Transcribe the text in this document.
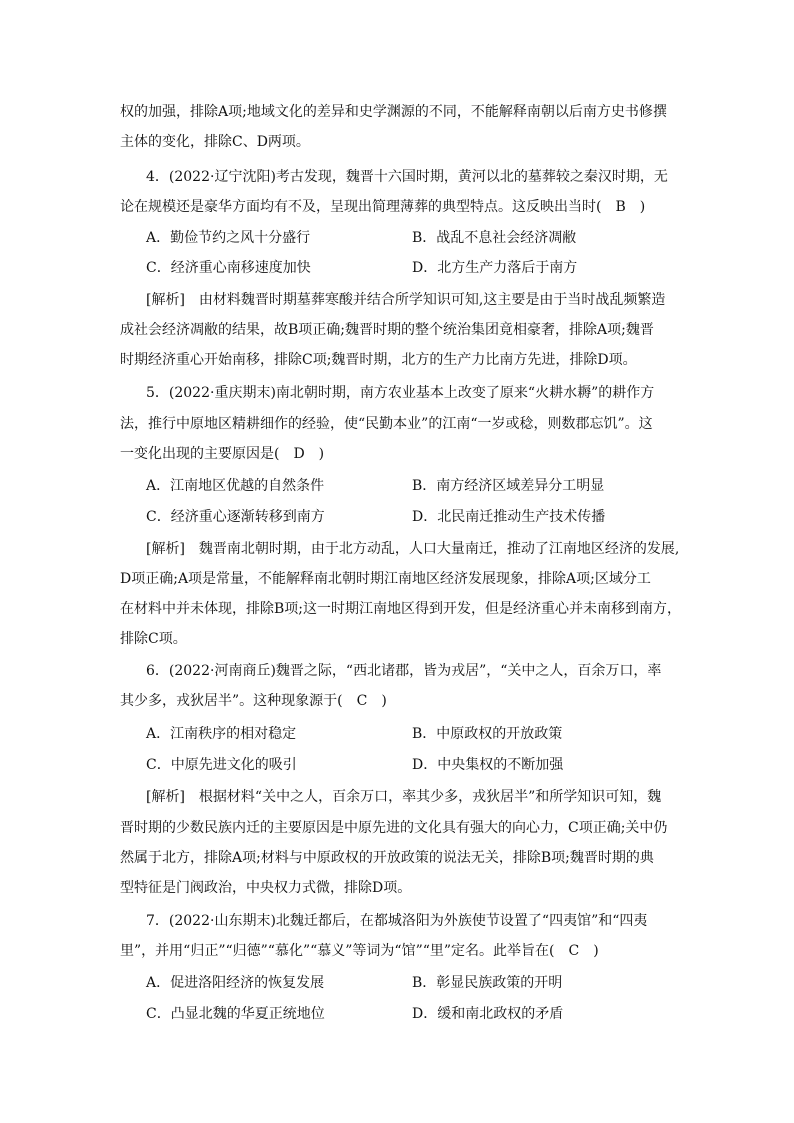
权的加强，排除A项;地域文化的差异和史学渊源的不同，不能解释南朝以后南方史书修撰
主体的变化，排除C、D两项。
4．(2022·辽宁沈阳)考古发现，魏晋十六国时期，黄河以北的墓葬较之秦汉时期，无
论在规模还是豪华方面均有不及，呈现出简理薄葬的典型特点。这反映出当时(　B　)
A．勤俭节约之风十分盛行	B．战乱不息社会经济凋敝
C．经济重心南移速度加快	D．北方生产力落后于南方
[解析]　由材料魏晋时期墓葬寒酸并结合所学知识可知,这主要是由于当时战乱频繁造
成社会经济凋敝的结果，故B项正确;魏晋时期的整个统治集团竟相豪奢，排除A项;魏晋
时期经济重心开始南移，排除C项;魏晋时期，北方的生产力比南方先进，排除D项。
5．(2022·重庆期末)南北朝时期，南方农业基本上改变了原来“火耕水耨”的耕作方
法，推行中原地区精耕细作的经验，使“民勤本业”的江南“一岁或稔，则数郡忘饥”。这
一变化出现的主要原因是(　D　)
A．江南地区优越的自然条件	B．南方经济区域差异分工明显
C．经济重心逐渐转移到南方	D．北民南迁推动生产技术传播
[解析]　魏晋南北朝时期，由于北方动乱，人口大量南迁，推动了江南地区经济的发展,
D项正确;A项是常量，不能解释南北朝时期江南地区经济发展现象，排除A项;区域分工
在材料中并未体现，排除B项;这一时期江南地区得到开发，但是经济重心并未南移到南方，
排除C项。
6．(2022·河南商丘)魏晋之际，“西北诸郡，皆为戎居”，“关中之人，百余万口，率
其少多，戎狄居半”。这种现象源于(　C　)
A．江南秩序的相对稳定	B．中原政权的开放政策
C．中原先进文化的吸引	D．中央集权的不断加强
[解析]　根据材料“关中之人，百余万口，率其少多，戎狄居半”和所学知识可知，魏
晋时期的少数民族内迁的主要原因是中原先进的文化具有强大的向心力，C项正确;关中仍
然属于北方，排除A项;材料与中原政权的开放政策的说法无关，排除B项;魏晋时期的典
型特征是门阀政治，中央权力式微，排除D项。
7．(2022·山东期末)北魏迁都后，在都城洛阳为外族使节设置了“四夷馆”和“四夷
里”，并用“归正”“归德”“慕化”“慕义”等词为“馆”“里”定名。此举旨在(　C　)
A．促进洛阳经济的恢复发展	B．彰显民族政策的开明
C．凸显北魏的华夏正统地位	D．缓和南北政权的矛盾
